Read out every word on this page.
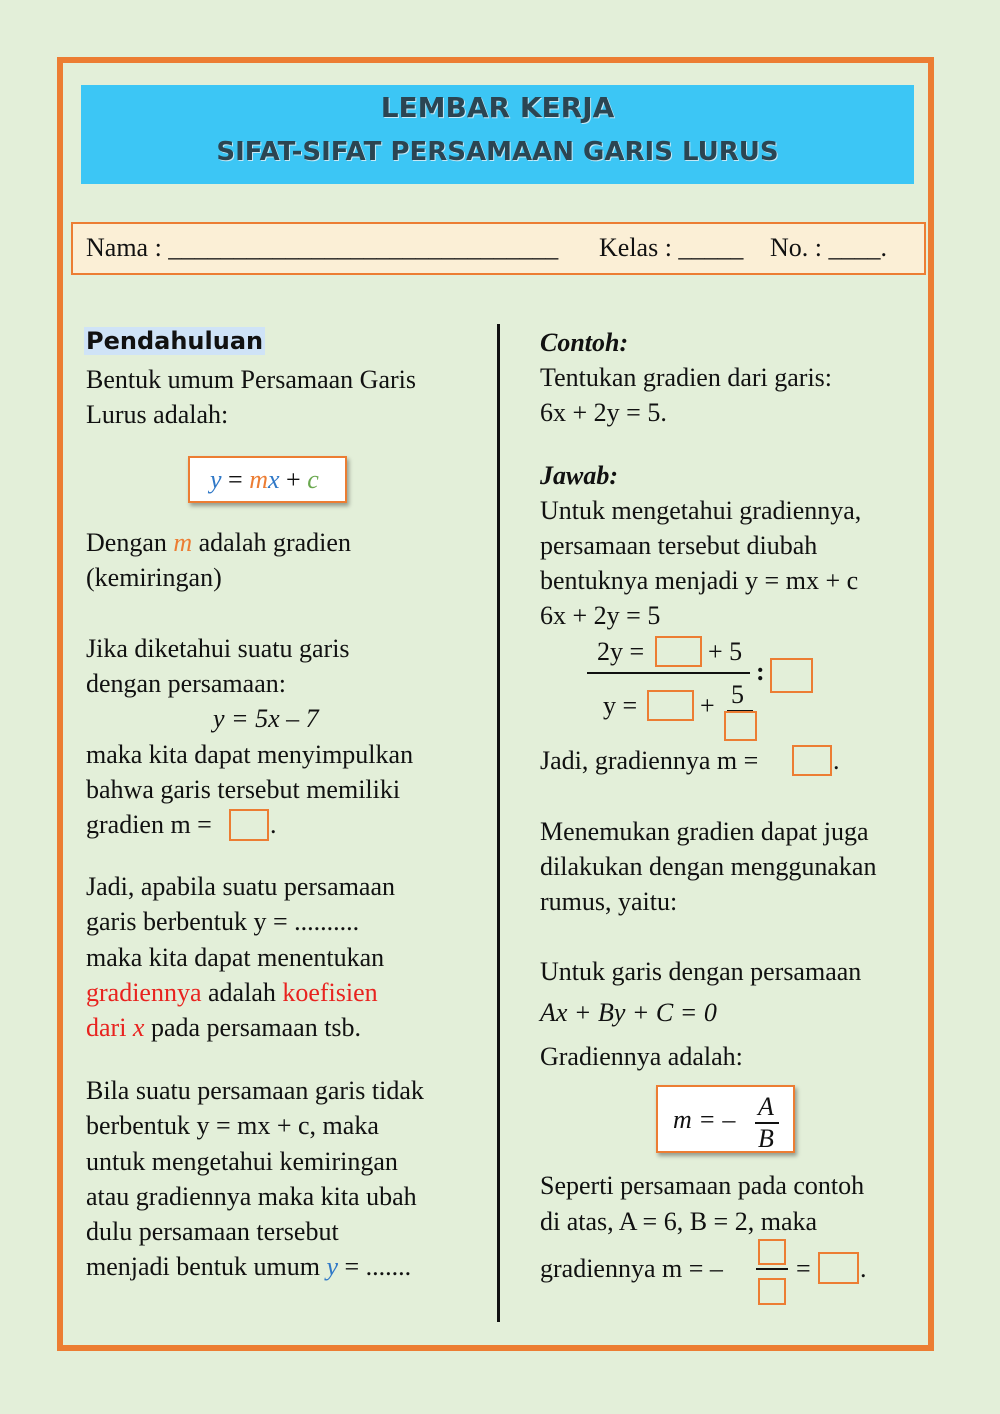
LEMBAR KERJA
SIFAT-SIFAT PERSAMAAN GARIS LURUS
Nama : ______________________________ Kelas : _____ No. : ____.
Pendahuluan
Bentuk umum Persamaan Garis
Lurus adalah:
y = mx + c
Dengan m adalah gradien
(kemiringan)
Jika diketahui suatu garis
dengan persamaan:
y = 5x – 7
maka kita dapat menyimpulkan
bahwa garis tersebut memiliki
gradien m = .
Jadi, apabila suatu persamaan
garis berbentuk y = ..........
maka kita dapat menentukan
gradiennya adalah koefisien
dari x pada persamaan tsb.
Bila suatu persamaan garis tidak
berbentuk y = mx + c, maka
untuk mengetahui kemiringan
atau gradiennya maka kita ubah
dulu persamaan tersebut
menjadi bentuk umum y = .......
Contoh:
Tentukan gradien dari garis:
6x + 2y = 5.
Jawab:
Untuk mengetahui gradiennya,
persamaan tersebut diubah
bentuknya menjadi y = mx + c
6x + 2y = 5
2y = + 5
:
y = + 5
Jadi, gradiennya m =	.
Menemukan gradien dapat juga
dilakukan dengan menggunakan
rumus, yaitu:
Untuk garis dengan persamaan
Ax + By + C = 0
Gradiennya adalah:
m = – A
B
Seperti persamaan pada contoh
di atas, A = 6, B = 2, maka
gradiennya m = –	= .
